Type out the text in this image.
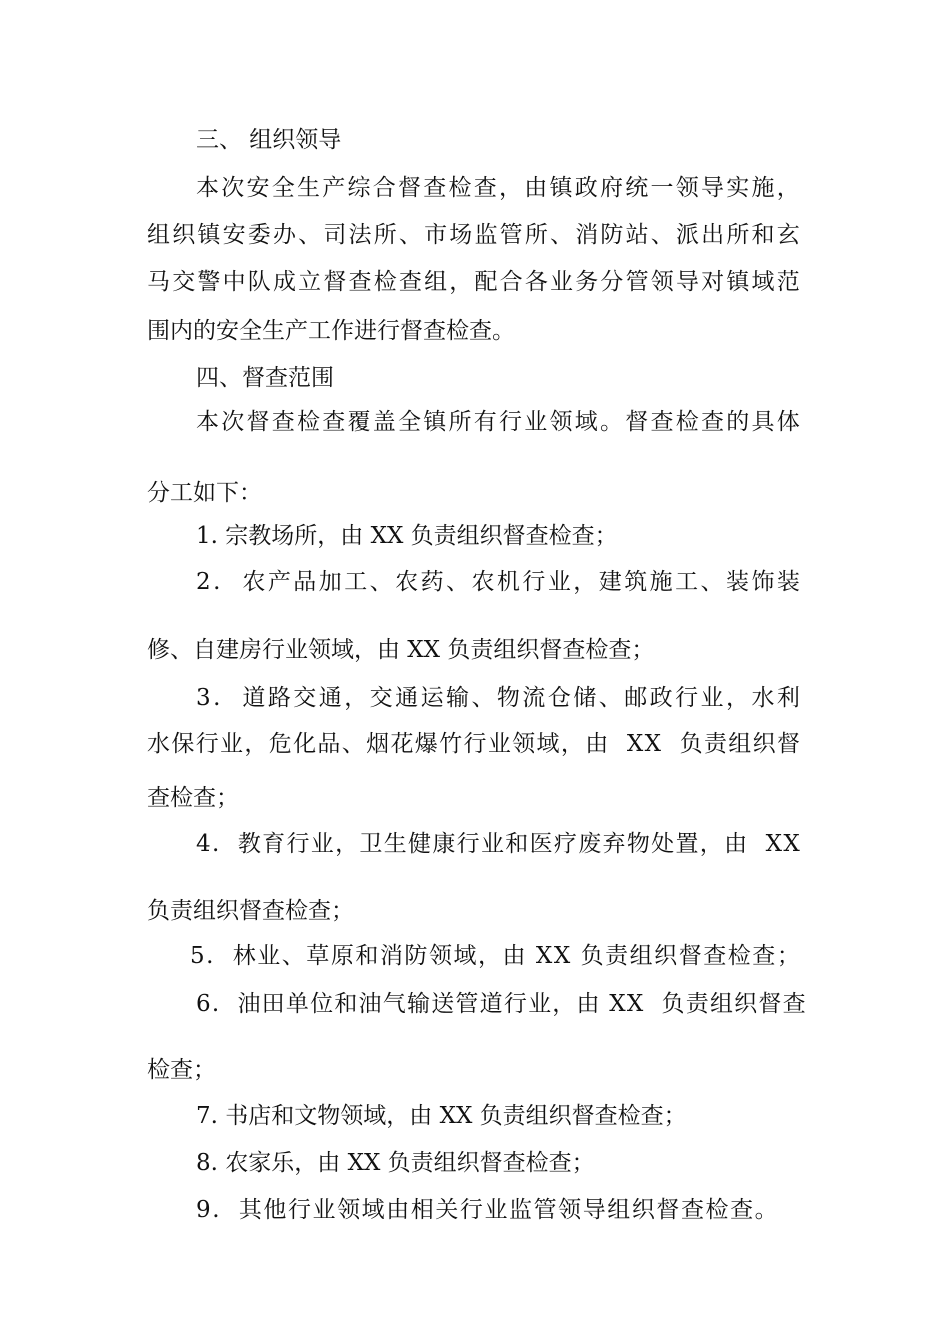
三、 组织领导
本 次 安 全 生 产 综 合 督 查 检 查 ， 由 镇 政 府 统 一 领 导 实 施 ，
组 织 镇 安 委 办 、 司 法 所 、 市 场 监 管 所 、 消 防 站 、 派 出 所 和 玄
马 交 警 中 队 成 立 督 查 检 查 组 ， 配 合 各 业 务 分 管 领 导 对 镇 域 范
围内的安全生产工作进行督查检查。
四、督查范围
本 次 督 查 检 查 覆 盖 全 镇 所 有 行 业 领 域 。 督 查 检 查 的 具 体
分工如下：
1. 宗教场所，由 XX 负责组织督查检查；
2 .

农 产 品 加 工 、 农 药 、 农 机 行 业 ， 建 筑 施 工 、 装 饰 装
修、自建房行业领域，由 XX 负责组织督查检查；
3 .

道 路 交 通 ， 交 通 运 输 、 物 流 仓 储 、 邮 政 行 业 ， 水 利
水 保 行 业 ， 危 化 品 、 烟 花 爆 竹 行 业 领 域 ， 由

X X

负 责 组 织 督
查检查；
4 .

教 育 行 业 ， 卫 生 健 康 行 业 和 医 疗 废 弃 物 处 置 ， 由

X X
负责组织督查检查；
5 .

林 业 、 草 原 和 消 防 领 域 ， 由
X X
负 责 组 织 督 查 检 查 ；
6 .

油 田 单 位 和 油 气 输 送 管 道 行 业 ， 由
X X

负 责 组 织 督 查
检查；
7. 书店和文物领域，由 XX 负责组织督查检查；
8. 农家乐，由 XX 负责组织督查检查；
9 .

其 他 行 业 领 域 由 相 关 行 业 监 管 领 导 组 织 督 查 检 查 。
